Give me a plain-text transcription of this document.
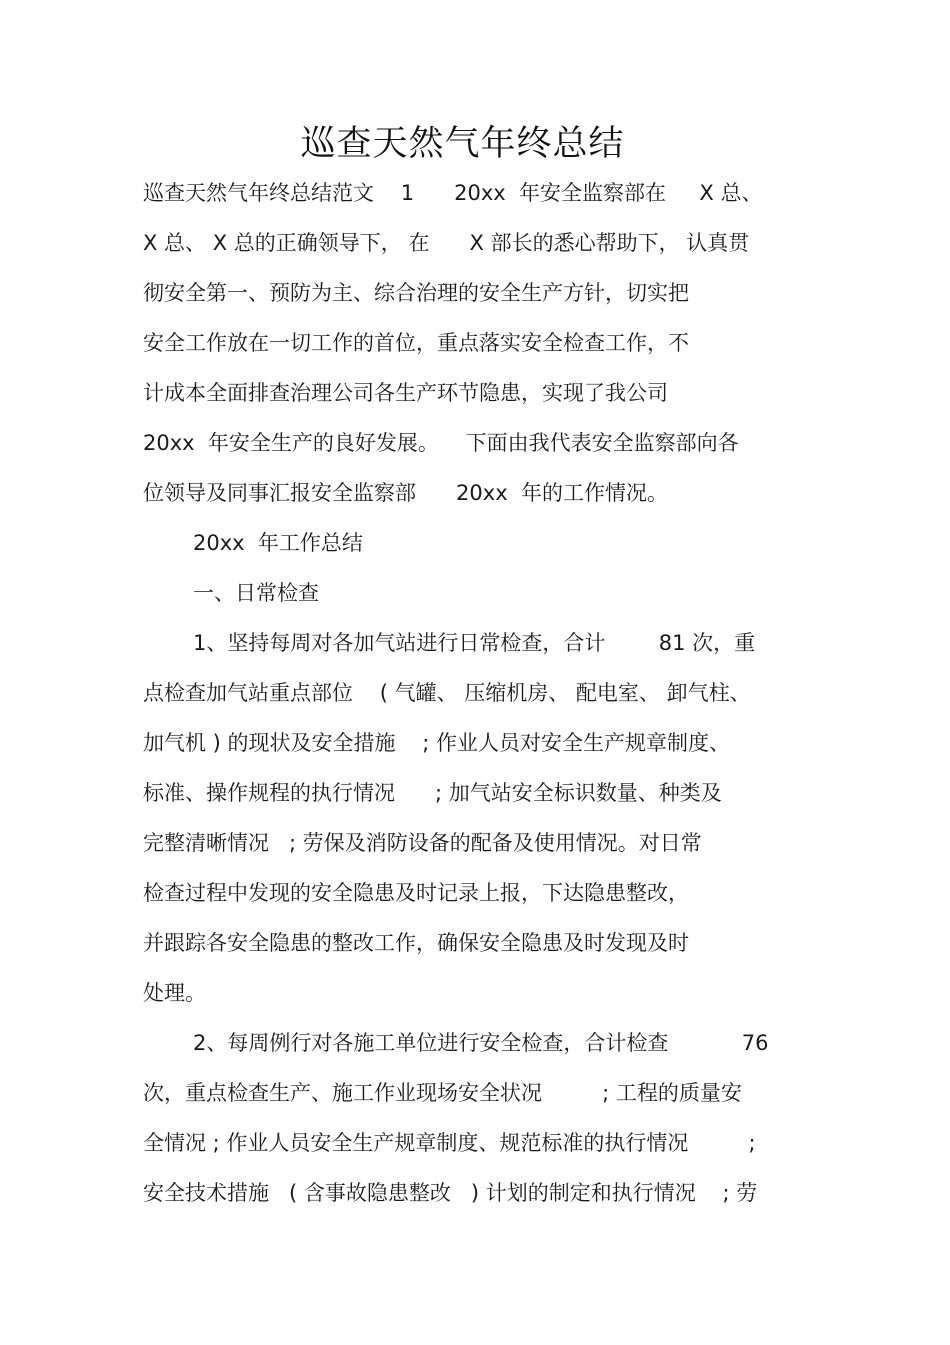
巡查天然气年终总结
巡查天然气年终总结范文    1      20xx  年安全监察部在     X 总、
X 总、 X 总的正确领导下， 在      X 部长的悉心帮助下， 认真贯
彻安全第一、预防为主、综合治理的安全生产方针，切实把
安全工作放在一切工作的首位，重点落实安全检查工作，不
计成本全面排查治理公司各生产环节隐患，实现了我公司
20xx  年安全生产的良好发展。    下面由我代表安全监察部向各
位领导及同事汇报安全监察部      20xx  年的工作情况。
20xx  年工作总结
一、日常检查
1、坚持每周对各加气站进行日常检查，合计        81 次，重
点检查加气站重点部位    ( 气罐、 压缩机房、 配电室、 卸气柱、
加气机 ) 的现状及安全措施    ; 作业人员对安全生产规章制度、
标准、操作规程的执行情况      ; 加气站安全标识数量、种类及
完整清晰情况   ; 劳保及消防设备的配备及使用情况。对日常
检查过程中发现的安全隐患及时记录上报，下达隐患整改，
并跟踪各安全隐患的整改工作，确保安全隐患及时发现及时
处理。
2、每周例行对各施工单位进行安全检查，合计检查           76
次，重点检查生产、施工作业现场安全状况         ; 工程的质量安
全情况 ; 作业人员安全生产规章制度、规范标准的执行情况         ;
安全技术措施   ( 含事故隐患整改   ) 计划的制定和执行情况    ; 劳
